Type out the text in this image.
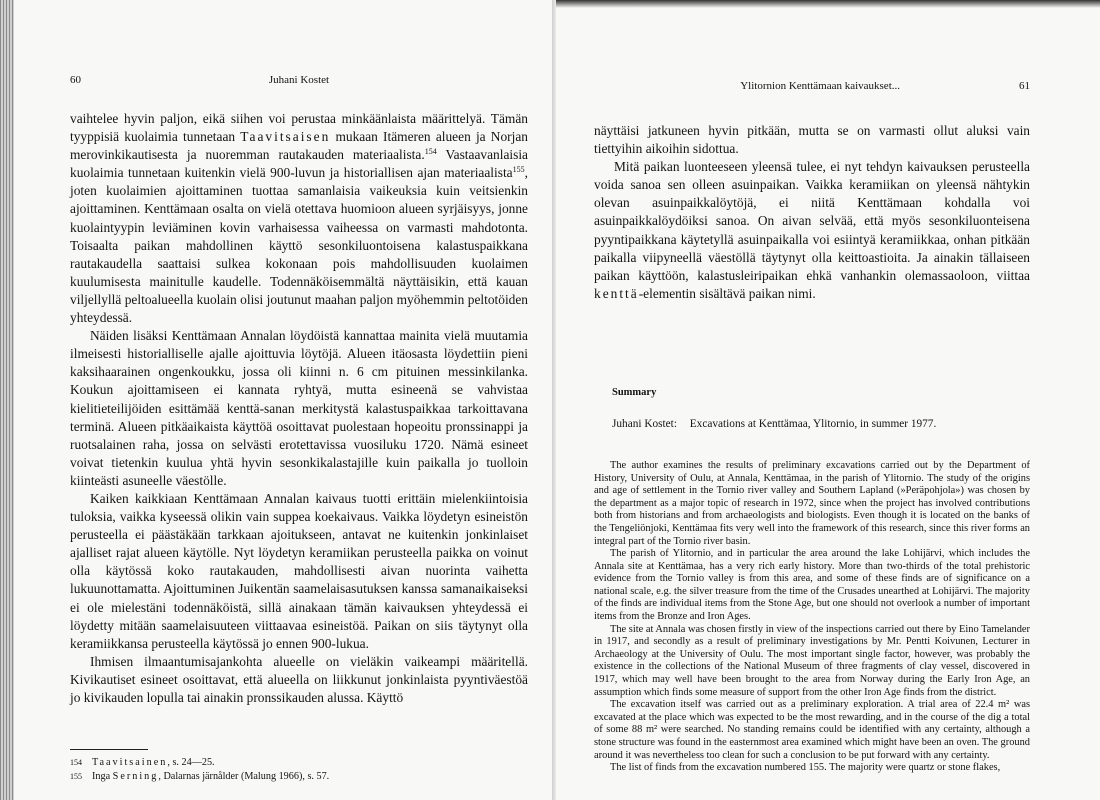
60	Juhani Kostet

vaihtelee hyvin paljon, eikä siihen voi perustaa minkäänlaista määrittelyä. Tämän tyyppisiä kuolaimia tunnetaan Taavitsaisen mukaan Itämeren alueen ja Norjan merovinkikautisesta ja nuoremman rautakauden materiaalista.$^{154}$ Vastaavanlaisia kuolaimia tunnetaan kuitenkin vielä 900-luvun ja historiallisen ajan materiaalista$^{155}$, joten kuolaimien ajoittaminen tuottaa samanlaisia vaikeuksia kuin veitsienkin ajoittaminen. Kenttämaan osalta on vielä otettava huomioon alueen syrjäisyys, jonne kuolaintyypin leviäminen kovin varhaisessa vaiheessa on varmasti mahdotonta. Toisaalta paikan mahdollinen käyttö sesonkiluontoisena kalastuspaikkana rautakaudella saattaisi sulkea kokonaan pois mahdollisuuden kuolaimen kuulumisesta mainitulle kaudelle. Todennäköisemmältä näyttäisikin, että kauan viljellyllä peltoalueella kuolain olisi joutunut maahan paljon myöhemmin peltotöiden yhteydessä.

Näiden lisäksi Kenttämaan Annalan löydöistä kannattaa mainita vielä muutamia ilmeisesti historialliselle ajalle ajoittuvia löytöjä. Alueen itäosasta löydettiin pieni kaksihaarainen ongenkoukku, jossa oli kiinni n. 6 cm pituinen messinkilanka. Koukun ajoittamiseen ei kannata ryhtyä, mutta esineenä se vahvistaa kielitieteilijöiden esittämää kenttä-sanan merkitystä kalastuspaikkaa tarkoittavana terminä. Alueen pitkäaikaista käyttöä osoittavat puolestaan hopeoitu pronssinappi ja ruotsalainen raha, jossa on selvästi erotettavissa vuosiluku 1720. Nämä esineet voivat tietenkin kuulua yhtä hyvin sesonkikalastajille kuin paikalla jo tuolloin kiinteästi asuneelle väestölle.

Kaiken kaikkiaan Kenttämaan Annalan kaivaus tuotti erittäin mielenkiintoisia tuloksia, vaikka kyseessä olikin vain suppea koekaivaus. Vaikka löydetyn esineistön perusteella ei päästäkään tarkkaan ajoitukseen, antavat ne kuitenkin jonkinlaiset ajalliset rajat alueen käytölle. Nyt löydetyn keramiikan perusteella paikka on voinut olla käytössä koko rautakauden, mahdollisesti aivan nuorinta vaihetta lukuunottamatta. Ajoittuminen Juikentän saamelaisasutuksen kanssa samanaikaiseksi ei ole mielestäni todennäköistä, sillä ainakaan tämän kaivauksen yhteydessä ei löydetty mitään saamelaisuuteen viittaavaa esineistöä. Paikan on siis täytynyt olla keramiikkansa perusteella käytössä jo ennen 900-lukua.

Ihmisen ilmaantumisajankohta alueelle on vieläkin vaikeampi määritellä. Kivikautiset esineet osoittavat, että alueella on liikkunut jonkinlaista pyyntiväestöä jo kivikauden lopulla tai ainakin pronssikauden alussa. Käyttö

154 Taavitsainen, s. 24—25.
155 Inga Serning, Dalarnas järnålder (Malung 1966), s. 57.
Ylitornion Kenttämaan kaivaukset...	61

näyttäisi jatkuneen hyvin pitkään, mutta se on varmasti ollut aluksi vain tiettyihin aikoihin sidottua.

Mitä paikan luonteeseen yleensä tulee, ei nyt tehdyn kaivauksen perusteella voida sanoa sen olleen asuinpaikan. Vaikka keramiikan on yleensä nähtykin olevan asuinpaikkalöytöjä, ei niitä Kenttämaan kohdalla voi asuinpaikkalöydöiksi sanoa. On aivan selvää, että myös sesonkiluonteisena pyyntipaikkana käytetyllä asuinpaikalla voi esiintyä keramiikkaa, onhan pitkään paikalla viipyneellä väestöllä täytynyt olla keittoastioita. Ja ainakin tällaiseen paikan käyttöön, kalastusleiripaikan ehkä vanhankin olemassaoloon, viittaa kenttä-elementin sisältävä paikan nimi.

Summary
Juhani Kostet: Excavations at Kenttämaa, Ylitornio, in summer 1977.

The author examines the results of preliminary excavations carried out by the Department of History, University of Oulu, at Annala, Kenttämaa, in the parish of Ylitornio. The study of the origins and age of settlement in the Tornio river valley and Southern Lapland (»Peräpohjola») was chosen by the department as a major topic of research in 1972, since when the project has involved contributions both from historians and from archaeologists and biologists. Even though it is located on the banks of the Tengeliönjoki, Kenttämaa fits very well into the framework of this research, since this river forms an integral part of the Tornio river basin.

The parish of Ylitornio, and in particular the area around the lake Lohijärvi, which includes the Annala site at Kenttämaa, has a very rich early history. More than two-thirds of the total prehistoric evidence from the Tornio valley is from this area, and some of these finds are of significance on a national scale, e.g. the silver treasure from the time of the Crusades unearthed at Lohijärvi. The majority of the finds are individual items from the Stone Age, but one should not overlook a number of important items from the Bronze and Iron Ages.

The site at Annala was chosen firstly in view of the inspections carried out there by Eino Tamelander in 1917, and secondly as a result of preliminary investigations by Mr. Pentti Koivunen, Lecturer in Archaeology at the University of Oulu. The most important single factor, however, was probably the existence in the collections of the National Museum of three fragments of clay vessel, discovered in 1917, which may well have been brought to the area from Norway during the Early Iron Age, an assumption which finds some measure of support from the other Iron Age finds from the district.

The excavation itself was carried out as a preliminary exploration. A trial area of 22.4 m² was excavated at the place which was expected to be the most rewarding, and in the course of the dig a total of some 88 m² were searched. No standing remains could be identified with any certainty, although a stone structure was found in the easternmost area examined which might have been an oven. The ground around it was nevertheless too clean for such a conclusion to be put forward with any certainty.

The list of finds from the excavation numbered 155. The majority were quartz or stone flakes,
